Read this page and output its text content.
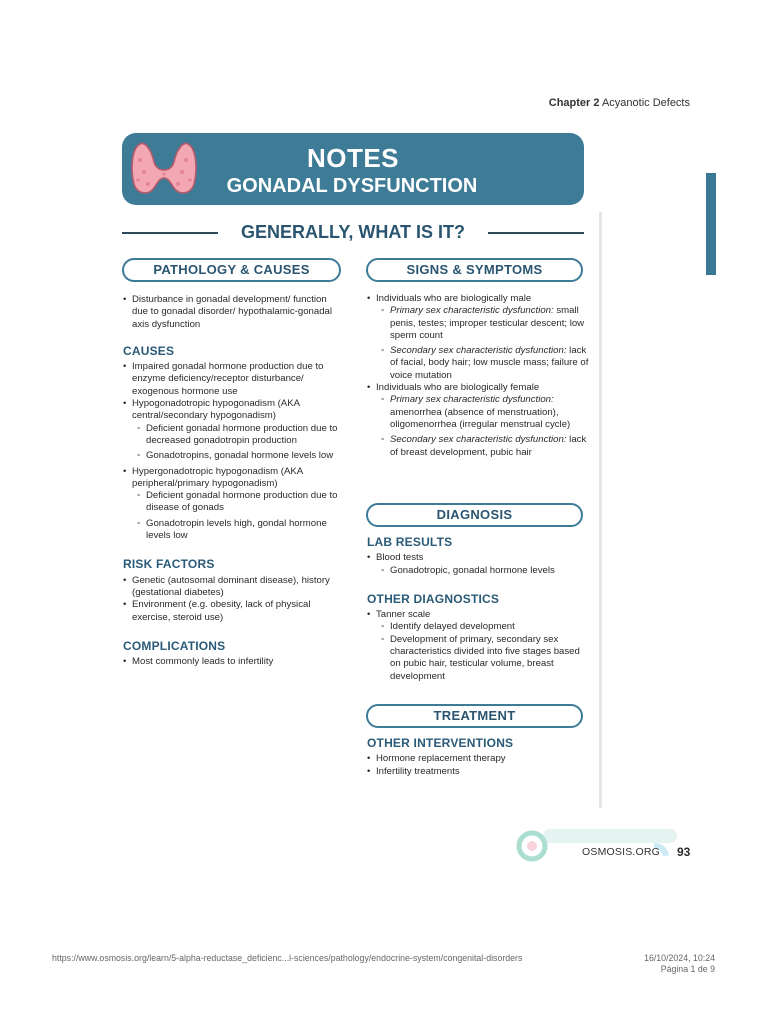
Chapter 2 Acyanotic Defects
NOTES
GONADAL DYSFUNCTION
GENERALLY, WHAT IS IT?
PATHOLOGY & CAUSES
• Disturbance in gonadal development/ function due to gonadal disorder/ hypothalamic-gonadal axis dysfunction
CAUSES
• Impaired gonadal hormone production due to enzyme deficiency/receptor disturbance/ exogenous hormone use
• Hypogonadotropic hypogonadism (AKA central/secondary hypogonadism)
◦ Deficient gonadal hormone production due to decreased gonadotropin production
◦ Gonadotropins, gonadal hormone levels low
• Hypergonadotropic hypogonadism (AKA peripheral/primary hypogonadism)
◦ Deficient gonadal hormone production due to disease of gonads
◦ Gonadotropin levels high, gondal hormone levels low
RISK FACTORS
• Genetic (autosomal dominant disease), history (gestational diabetes)
• Environment (e.g. obesity, lack of physical exercise, steroid use)
COMPLICATIONS
• Most commonly leads to infertility
SIGNS & SYMPTOMS
• Individuals who are biologically male
◦ Primary sex characteristic dysfunction: small penis, testes; improper testicular descent; low sperm count
◦ Secondary sex characteristic dysfunction: lack of facial, body hair; low muscle mass; failure of voice mutation
• Individuals who are biologically female
◦ Primary sex characteristic dysfunction: amenorrhea (absence of menstruation), oligomenorrhea (irregular menstrual cycle)
◦ Secondary sex characteristic dysfunction: lack of breast development, pubic hair
DIAGNOSIS
LAB RESULTS
• Blood tests
◦ Gonadotropic, gonadal hormone levels
OTHER DIAGNOSTICS
• Tanner scale
◦ Identify delayed development
◦ Development of primary, secondary sex characteristics divided into five stages based on pubic hair, testicular volume, breast development
TREATMENT
OTHER INTERVENTIONS
• Hormone replacement therapy
• Infertility treatments
OSMOSIS.ORG 93
https://www.osmosis.org/learn/5-alpha-reductase_deficienc...l-sciences/pathology/endocrine-system/congenital-disorders	16/10/2024, 10:24
Página 1 de 9
